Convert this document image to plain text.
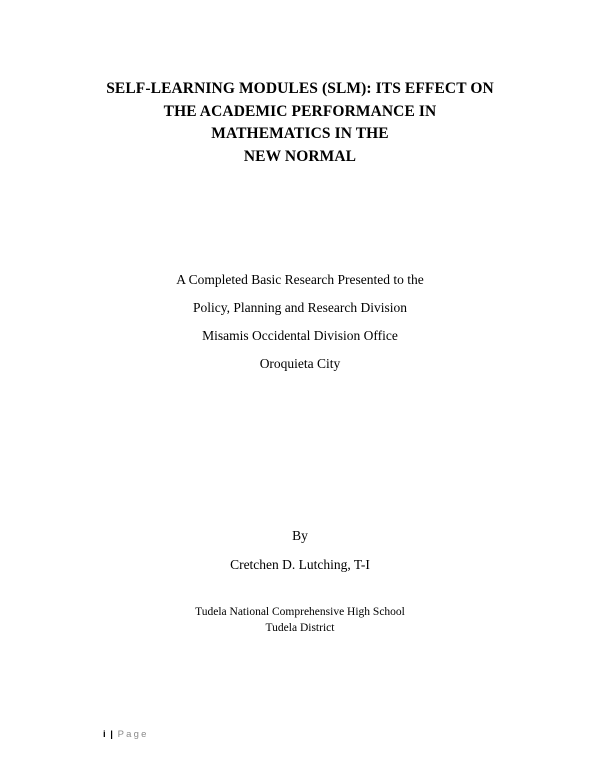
SELF-LEARNING MODULES (SLM): ITS EFFECT ON
THE ACADEMIC PERFORMANCE IN
MATHEMATICS IN THE
NEW NORMAL
A Completed Basic Research Presented to the
Policy, Planning and Research Division
Misamis Occidental Division Office
Oroquieta City
By
Cretchen D. Lutching, T-I
Tudela National Comprehensive High School
Tudela District
i | Page
